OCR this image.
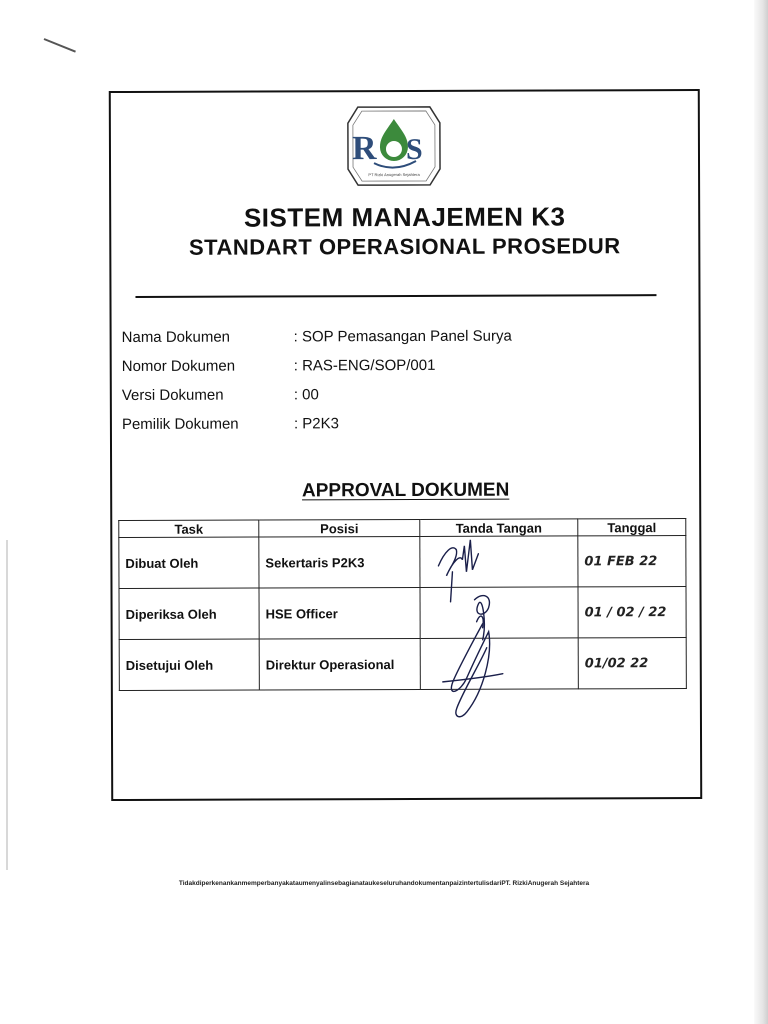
R S
PT Rizki Anugerah Sejahtera
SISTEM MANAJEMEN K3
STANDART OPERASIONAL PROSEDUR
Nama Dokumen	: SOP Pemasangan Panel Surya
Nomor Dokumen	: RAS-ENG/SOP/001
Versi Dokumen	: 00
Pemilik Dokumen	: P2K3
APPROVAL DOKUMEN
Task	Posisi	Tanda Tangan	Tanggal
Dibuat Oleh	Sekertaris P2K3		01 FEB 22
Diperiksa Oleh	HSE Officer		01 / 02 / 22
Disetujui Oleh	Direktur Operasional		01/02 22
TidakdiperkenankanmemperbanyakataumenyalinsebagianataukeseluruhandokumentanpaizintertulisdariPT. RizkiAnugerah Sejahtera
